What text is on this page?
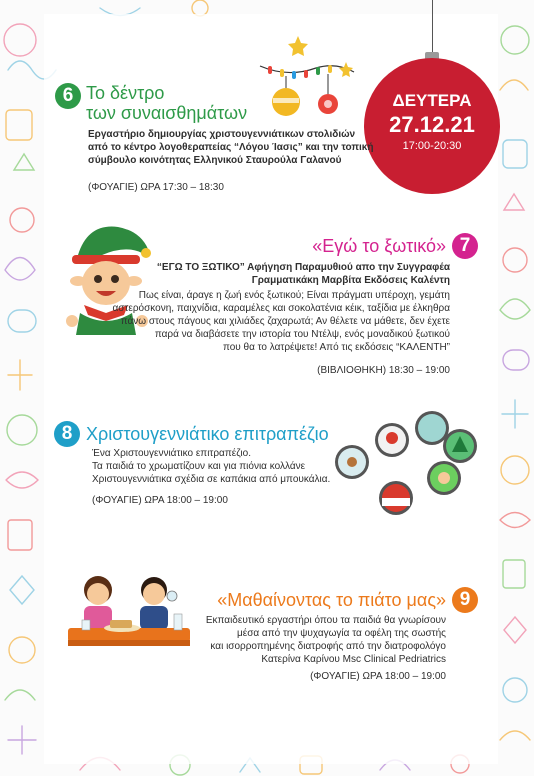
ΔΕΥΤΕΡΑ
27.12.21
17:00-20:30
6 Το δέντρο
των συναισθημάτων
Εργαστήριο δημιουργίας χριστουγεννιάτικων στολιδιών
από το κέντρο λογοθεραπείας “Λόγου Ίασις” και την τοπική
σύμβουλο κοινότητας Ελληνικού Σταυρούλα Γαλανού
(ΦΟΥΑΓΙΕ) ΩΡΑ 17:30 – 18:30
«Εγώ το ξωτικό» 7
“ΕΓΩ ΤΟ ΞΩΤΙΚΟ” Αφήγηση Παραμυθιού απο την Συγγραφέα
Γραμματικάκη Μαρβίτα Εκδόσεις Καλέντη
Πως είναι, άραγε η ζωή ενός ξωτικού; Είναι πράγματι υπέροχη, γεμάτη
αστερόσκονη, παιχνίδια, καραμέλες και σοκολατένια κέικ, ταξίδια με έλκηθρα
πάνω στους πάγους και χιλιάδες ζαχαρωτά; Αν θέλετε να μάθετε, δεν έχετε
παρά να διαβάσετε την ιστορία του Ντέλψ, ενός μοναδικού ξωτικού
που θα το λατρέψετε! Από τις εκδόσεις “ΚΑΛΕΝΤΗ”
(ΒΙΒΛΙΟΘΗΚΗ) 18:30 – 19:00
8 Χριστουγεννιάτικο επιτραπέζιο
Ένα Χριστουγεννιάτικο επιτραπέζιο.
Τα παιδιά το χρωματίζουν και για πιόνια κολλάνε
Χριστουγεννιάτικα σχέδια σε καπάκια από μπουκάλια.
(ΦΟΥΑΓΙΕ) ΩΡΑ 18:00 – 19:00
«Μαθαίνοντας το πιάτο μας» 9
Εκπαιδευτικό εργαστήρι όπου τα παιδιά θα γνωρίσουν
μέσα από την ψυχαγωγία τα οφέλη της σωστής
και ισορροπημένης διατροφής από την διατροφολόγο
Κατερίνα Καρίνου Msc Clinical Pedriatrics
(ΦΟΥΑΓΙΕ) ΩΡΑ 18:00 – 19:00
